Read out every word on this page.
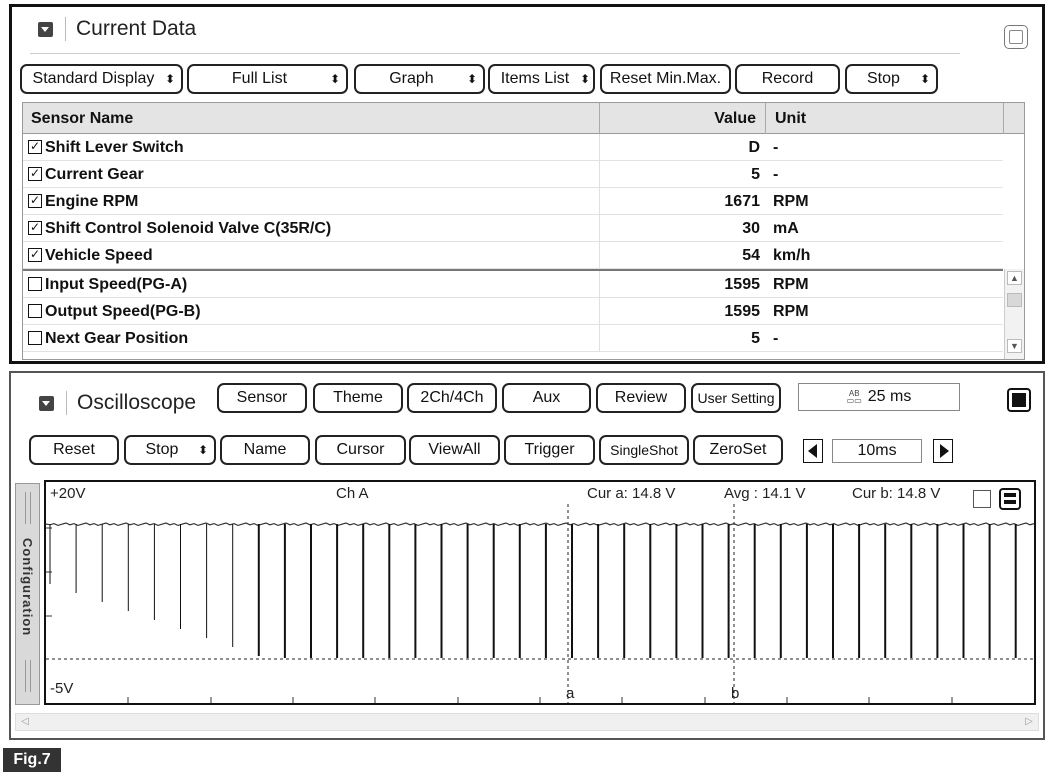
Current Data
Standard Display ⬍	Full List	⬍	Graph	⬍	Items List ⬍	Reset Min.Max.	Record	Stop	⬍
Sensor Name	Value Unit
✓ Shift Lever Switch	D -
✓ Current Gear	5 -
✓ Engine RPM	1671 RPM
✓ Shift Control Solenoid Valve C(35R/C)	30 mA
✓ Vehicle Speed	54 km/h
Input Speed(PG-A)	1595 RPM
Output Speed(PG-B)	1595 RPM
Next Gear Position	5 -
▲
▼
Oscilloscope	Sensor	Theme	2Ch/4Ch	Aux	Review	User Setting	AB
▭▭ 25 ms
Reset	Stop	⬍	Name	Cursor	ViewAll	Trigger	SingleShot	ZeroSet	10ms
Configuration
+20V	Ch A	Cur a: 14.8 V	Avg : 14.1 V	Cur b: 14.8 V
-5V	a	b
◁	▷
Fig.7
